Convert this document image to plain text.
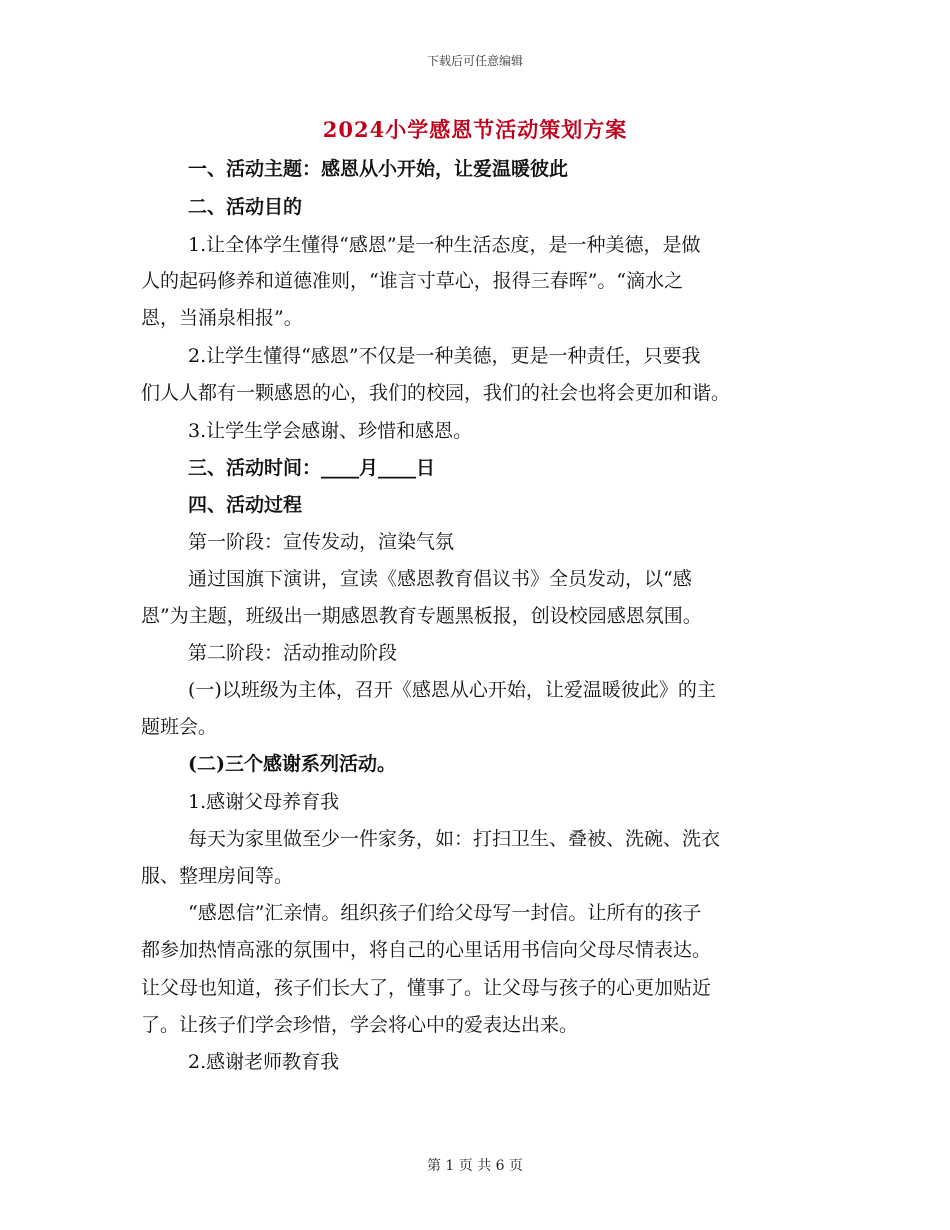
下载后可任意编辑
2024小学感恩节活动策划方案
一、活动主题：感恩从小开始，让爱温暖彼此
二、活动目的
1.让全体学生懂得“感恩”是一种生活态度，是一种美德，是做
人的起码修养和道德准则，“谁言寸草心，报得三春晖”。“滴水之
恩，当涌泉相报”。
2.让学生懂得“感恩”不仅是一种美德，更是一种责任，只要我
们人人都有一颗感恩的心，我们的校园，我们的社会也将会更加和谐。
3.让学生学会感谢、珍惜和感恩。
三、活动时间：____月____日
四、活动过程
第一阶段：宣传发动，渲染气氛
通过国旗下演讲，宣读《感恩教育倡议书》全员发动，以“感
恩”为主题，班级出一期感恩教育专题黑板报，创设校园感恩氛围。
第二阶段：活动推动阶段
(一)以班级为主体，召开《感恩从心开始，让爱温暖彼此》的主
题班会。
(二)三个感谢系列活动。
1.感谢父母养育我
每天为家里做至少一件家务，如：打扫卫生、叠被、洗碗、洗衣
服、整理房间等。
“感恩信”汇亲情。组织孩子们给父母写一封信。让所有的孩子
都参加热情高涨的氛围中，将自己的心里话用书信向父母尽情表达。
让父母也知道，孩子们长大了，懂事了。让父母与孩子的心更加贴近
了。让孩子们学会珍惜，学会将心中的爱表达出来。
2.感谢老师教育我
第 1 页 共 6 页
